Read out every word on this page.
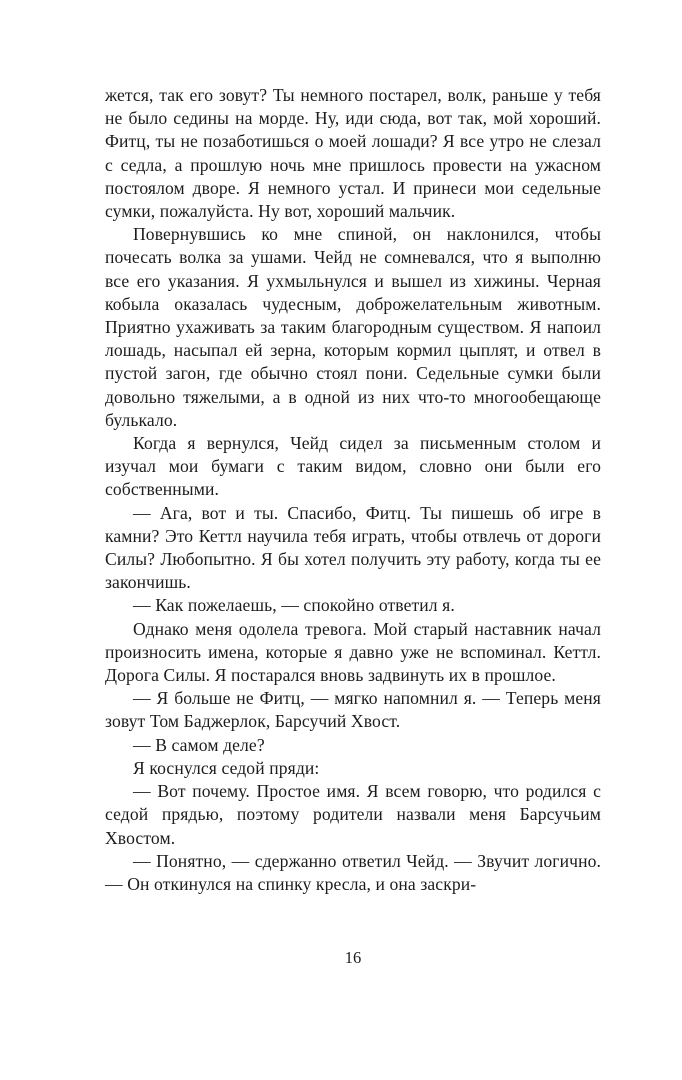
жется, так его зовут? Ты немного постарел, волк, раньше у тебя не было седины на морде. Ну, иди сюда, вот так, мой хороший. Фитц, ты не позаботишься о моей лошади? Я все утро не слезал с седла, а прошлую ночь мне пришлось провести на ужасном постоялом дворе. Я немного устал. И принеси мои седельные сумки, пожалуйста. Ну вот, хороший мальчик.

Повернувшись ко мне спиной, он наклонился, чтобы почесать волка за ушами. Чейд не сомневался, что я выполню все его указания. Я ухмыльнулся и вышел из хижины. Черная кобыла оказалась чудесным, доброжелательным животным. Приятно ухаживать за таким благородным существом. Я напоил лошадь, насыпал ей зерна, которым кормил цыплят, и отвел в пустой загон, где обычно стоял пони. Седельные сумки были довольно тяжелыми, а в одной из них что-то многообещающе булькало.

Когда я вернулся, Чейд сидел за письменным столом и изучал мои бумаги с таким видом, словно они были его собственными.

— Ага, вот и ты. Спасибо, Фитц. Ты пишешь об игре в камни? Это Кеттл научила тебя играть, чтобы отвлечь от дороги Силы? Любопытно. Я бы хотел получить эту работу, когда ты ее закончишь.

— Как пожелаешь, — спокойно ответил я.

Однако меня одолела тревога. Мой старый наставник начал произносить имена, которые я давно уже не вспоминал. Кеттл. Дорога Силы. Я постарался вновь задвинуть их в прошлое.

— Я больше не Фитц, — мягко напомнил я. — Теперь меня зовут Том Баджерлок, Барсучий Хвост.

— В самом деле?

Я коснулся седой пряди:

— Вот почему. Простое имя. Я всем говорю, что родился с седой прядью, поэтому родители назвали меня Барсучьим Хвостом.

— Понятно, — сдержанно ответил Чейд. — Звучит логично. — Он откинулся на спинку кресла, и она заскри-

16
